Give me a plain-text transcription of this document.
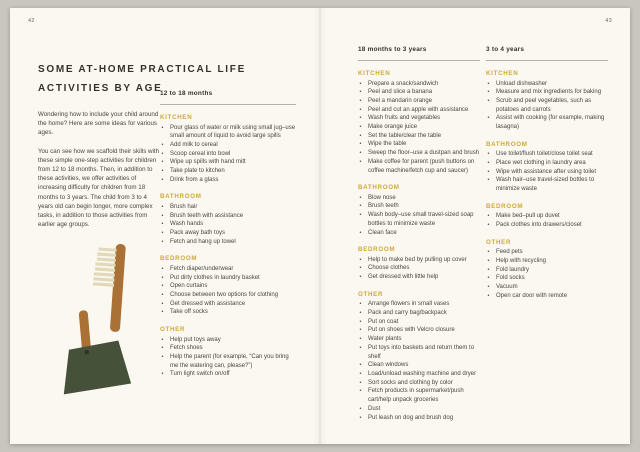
42	43
SOME AT-HOME PRACTICAL LIFE
ACTIVITIES BY AGE

Wondering how to include your child around the home? Here are some ideas for various ages.

You can see how we scaffold their skills with these simple one-step activities for children from 12 to 18 months. Then, in addition to these activities, we offer activities of increasing difficulty for children from 18 months to 3 years. The child from 3 to 4 years old can begin longer, more complex tasks, in addition to those activities from earlier age groups.

12 to 18 months
KITCHEN
• Pour glass of water or milk using small jug–use small amount of liquid to avoid large spills
• Add milk to cereal
• Scoop cereal into bowl
• Wipe up spills with hand mitt
• Take plate to kitchen
• Drink from a glass
BATHROOM
• Brush hair
• Brush teeth with assistance
• Wash hands
• Pack away bath toys
• Fetch and hang up towel
BEDROOM
• Fetch diaper/underwear
• Put dirty clothes in laundry basket
• Open curtains
• Choose between two options for clothing
• Get dressed with assistance
• Take off socks
OTHER
• Help put toys away
• Fetch shoes
• Help the parent (for example, “Can you bring me the watering can, please?”)
• Turn light switch on/off
18 months to 3 years
KITCHEN
• Prepare a snack/sandwich
• Peel and slice a banana
• Peel a mandarin orange
• Peel and cut an apple with assistance
• Wash fruits and vegetables
• Make orange juice
• Set the table/clear the table
• Wipe the table
• Sweep the floor–use a dustpan and brush
• Make coffee for parent (push buttons on coffee machine/fetch cup and saucer)
BATHROOM
• Blow nose
• Brush teeth
• Wash body–use small travel-sized soap bottles to minimize waste
• Clean face
BEDROOM
• Help to make bed by pulling up cover
• Choose clothes
• Get dressed with little help
OTHER
• Arrange flowers in small vases
• Pack and carry bag/backpack
• Put on coat
• Put on shoes with Velcro closure
• Water plants
• Put toys into baskets and return them to shelf
• Clean windows
• Load/unload washing machine and dryer
• Sort socks and clothing by color
• Fetch products in supermarket/push cart/help unpack groceries
• Dust
• Put leash on dog and brush dog
3 to 4 years
KITCHEN
• Unload dishwasher
• Measure and mix ingredients for baking
• Scrub and peel vegetables, such as potatoes and carrots
• Assist with cooking (for example, making lasagna)
BATHROOM
• Use toilet/flush toilet/close toilet seat
• Place wet clothing in laundry area
• Wipe with assistance after using toilet
• Wash hair–use travel-sized bottles to minimize waste
BEDROOM
• Make bed–pull up duvet
• Pack clothes into drawers/closet
OTHER
• Feed pets
• Help with recycling
• Fold laundry
• Fold socks
• Vacuum
• Open car door with remote
